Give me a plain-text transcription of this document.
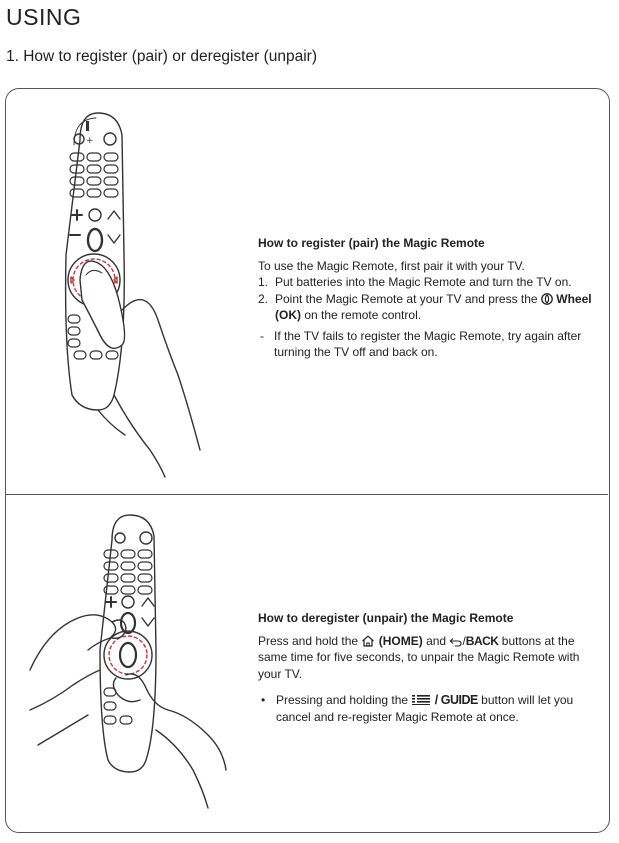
USING
1. How to register (pair) or deregister (unpair)
+

How to register (pair) the Magic Remote

To use the Magic Remote, first pair it with your TV.

1. Put batteries into the Magic Remote and turn the TV on.

2. Point the Magic Remote at your TV and press the  Wheel (OK) on the remote control.

- If the TV fails to register the Magic Remote, try again after turning the TV off and back on.

How to deregister (unpair) the Magic Remote

Press and hold the  (HOME) and /BACK buttons at the same time for five seconds, to unpair the Magic Remote with your TV.

• Pressing and holding the  / GUIDE button will let you cancel and re-register Magic Remote at once.
